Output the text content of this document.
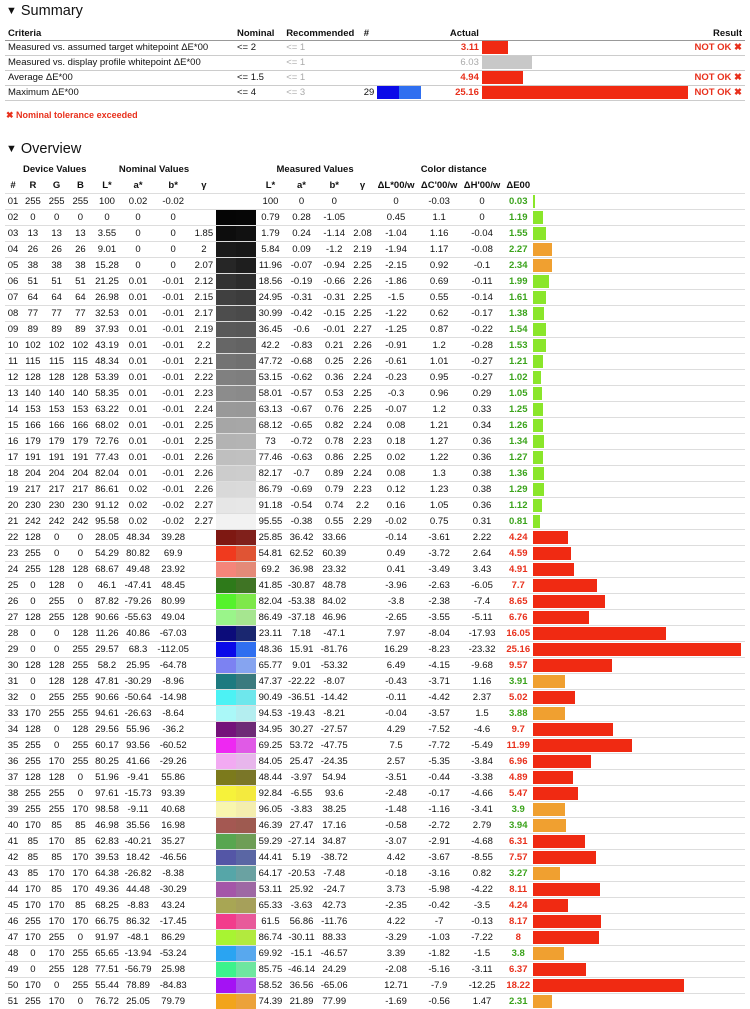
▼ Summary
Criteria	Nominal	Recommended	#		Actual		Result
Measured vs. assumed target whitepoint ΔE*00	<= 2	<= 1			3.11		NOT OK ✖
Measured vs. display profile whitepoint ΔE*00		<= 1			6.03		
Average ΔE*00	<= 1.5	<= 1			4.94		NOT OK ✖
Maximum ΔE*00	<= 4	<= 3	29		25.16		NOT OK ✖
✖ Nominal tolerance exceeded
▼ Overview
	Device Values			Nominal Values						Measured Values				Color distance				
#	R	G	B	L*	a*	b*	γ			L*	a*	b*	γ	ΔL*00/w	ΔC'00/w	ΔH'00/w	ΔE00	
01	255	255	255	100	0.02	-0.02				100	0	0		0	-0.03	0	0.03	

02	0	0	0	0	0	0				0.79	0.28	-1.05		0.45	1.1	0	1.19	

03	13	13	13	3.55	0	0	1.85			1.79	0.24	-1.14	2.08	-1.04	1.16	-0.04	1.55	

04	26	26	26	9.01	0	0	2			5.84	0.09	-1.2	2.19	-1.94	1.17	-0.08	2.27	

05	38	38	38	15.28	0	0	2.07			11.96	-0.07	-0.94	2.25	-2.15	0.92	-0.1	2.34	

06	51	51	51	21.25	0.01	-0.01	2.12			18.56	-0.19	-0.66	2.26	-1.86	0.69	-0.11	1.99	

07	64	64	64	26.98	0.01	-0.01	2.15			24.95	-0.31	-0.31	2.25	-1.5	0.55	-0.14	1.61	

08	77	77	77	32.53	0.01	-0.01	2.17			30.99	-0.42	-0.15	2.25	-1.22	0.62	-0.17	1.38	

09	89	89	89	37.93	0.01	-0.01	2.19			36.45	-0.6	-0.01	2.27	-1.25	0.87	-0.22	1.54	

10	102	102	102	43.19	0.01	-0.01	2.2			42.2	-0.83	0.21	2.26	-0.91	1.2	-0.28	1.53	

11	115	115	115	48.34	0.01	-0.01	2.21			47.72	-0.68	0.25	2.26	-0.61	1.01	-0.27	1.21	

12	128	128	128	53.39	0.01	-0.01	2.22			53.15	-0.62	0.36	2.24	-0.23	0.95	-0.27	1.02	

13	140	140	140	58.35	0.01	-0.01	2.23			58.01	-0.57	0.53	2.25	-0.3	0.96	0.29	1.05	

14	153	153	153	63.22	0.01	-0.01	2.24			63.13	-0.67	0.76	2.25	-0.07	1.2	0.33	1.25	

15	166	166	166	68.02	0.01	-0.01	2.25			68.12	-0.65	0.82	2.24	0.08	1.21	0.34	1.26	

16	179	179	179	72.76	0.01	-0.01	2.25			73	-0.72	0.78	2.23	0.18	1.27	0.36	1.34	

17	191	191	191	77.43	0.01	-0.01	2.26			77.46	-0.63	0.86	2.25	0.02	1.22	0.36	1.27	

18	204	204	204	82.04	0.01	-0.01	2.26			82.17	-0.7	0.89	2.24	0.08	1.3	0.38	1.36	

19	217	217	217	86.61	0.02	-0.01	2.26			86.79	-0.69	0.79	2.23	0.12	1.23	0.38	1.29	

20	230	230	230	91.12	0.02	-0.02	2.27			91.18	-0.54	0.74	2.2	0.16	1.05	0.36	1.12	

21	242	242	242	95.58	0.02	-0.02	2.27			95.55	-0.38	0.55	2.29	-0.02	0.75	0.31	0.81	

22	128	0	0	28.05	48.34	39.28				25.85	36.42	33.66		-0.14	-3.61	2.22	4.24	

23	255	0	0	54.29	80.82	69.9				54.81	62.52	60.39		0.49	-3.72	2.64	4.59	

24	255	128	128	68.67	49.48	23.92				69.2	36.98	23.32		0.41	-3.49	3.43	4.91	

25	0	128	0	46.1	-47.41	48.45				41.85	-30.87	48.78		-3.96	-2.63	-6.05	7.7	

26	0	255	0	87.82	-79.26	80.99				82.04	-53.38	84.02		-3.8	-2.38	-7.4	8.65	

27	128	255	128	90.66	-55.63	49.04				86.49	-37.18	46.96		-2.65	-3.55	-5.11	6.76	

28	0	0	128	11.26	40.86	-67.03				23.11	7.18	-47.1		7.97	-8.04	-17.93	16.05	

29	0	0	255	29.57	68.3	-112.05				48.36	15.91	-81.76		16.29	-8.23	-23.32	25.16	

30	128	128	255	58.2	25.95	-64.78				65.77	9.01	-53.32		6.49	-4.15	-9.68	9.57	

31	0	128	128	47.81	-30.29	-8.96				47.37	-22.22	-8.07		-0.43	-3.71	1.16	3.91	

32	0	255	255	90.66	-50.64	-14.98				90.49	-36.51	-14.42		-0.11	-4.42	2.37	5.02	

33	170	255	255	94.61	-26.63	-8.64				94.53	-19.43	-8.21		-0.04	-3.57	1.5	3.88	

34	128	0	128	29.56	55.96	-36.2				34.95	30.27	-27.57		4.29	-7.52	-4.6	9.7	

35	255	0	255	60.17	93.56	-60.52				69.25	53.72	-47.75		7.5	-7.72	-5.49	11.99	

36	255	170	255	80.25	41.66	-29.26				84.05	25.47	-24.35		2.57	-5.35	-3.84	6.96	

37	128	128	0	51.96	-9.41	55.86				48.44	-3.97	54.94		-3.51	-0.44	-3.38	4.89	

38	255	255	0	97.61	-15.73	93.39				92.84	-6.55	93.6		-2.48	-0.17	-4.66	5.47	

39	255	255	170	98.58	-9.11	40.68				96.05	-3.83	38.25		-1.48	-1.16	-3.41	3.9	

40	170	85	85	46.98	35.56	16.98				46.39	27.47	17.16		-0.58	-2.72	2.79	3.94	

41	85	170	85	62.83	-40.21	35.27				59.29	-27.14	34.87		-3.07	-2.91	-4.68	6.31	

42	85	85	170	39.53	18.42	-46.56				44.41	5.19	-38.72		4.42	-3.67	-8.55	7.57	

43	85	170	170	64.38	-26.82	-8.38				64.17	-20.53	-7.48		-0.18	-3.16	0.82	3.27	

44	170	85	170	49.36	44.48	-30.29				53.11	25.92	-24.7		3.73	-5.98	-4.22	8.11	

45	170	170	85	68.25	-8.83	43.24				65.33	-3.63	42.73		-2.35	-0.42	-3.5	4.24	

46	255	170	170	66.75	86.32	-17.45				61.5	56.86	-11.76		4.22	-7	-0.13	8.17	

47	170	255	0	91.97	-48.1	86.29				86.74	-30.11	88.33		-3.29	-1.03	-7.22	8	

48	0	170	255	65.65	-13.94	-53.24				69.92	-15.1	-46.57		3.39	-1.82	-1.5	3.8	

49	0	255	128	77.51	-56.79	25.98				85.75	-46.14	24.29		-2.08	-5.16	-3.11	6.37	

50	170	0	255	55.44	78.89	-84.83				58.52	36.56	-65.06		12.71	-7.9	-12.25	18.22	

51	255	170	0	76.72	25.05	79.79				74.39	21.89	77.99		-1.69	-0.56	1.47	2.31	
